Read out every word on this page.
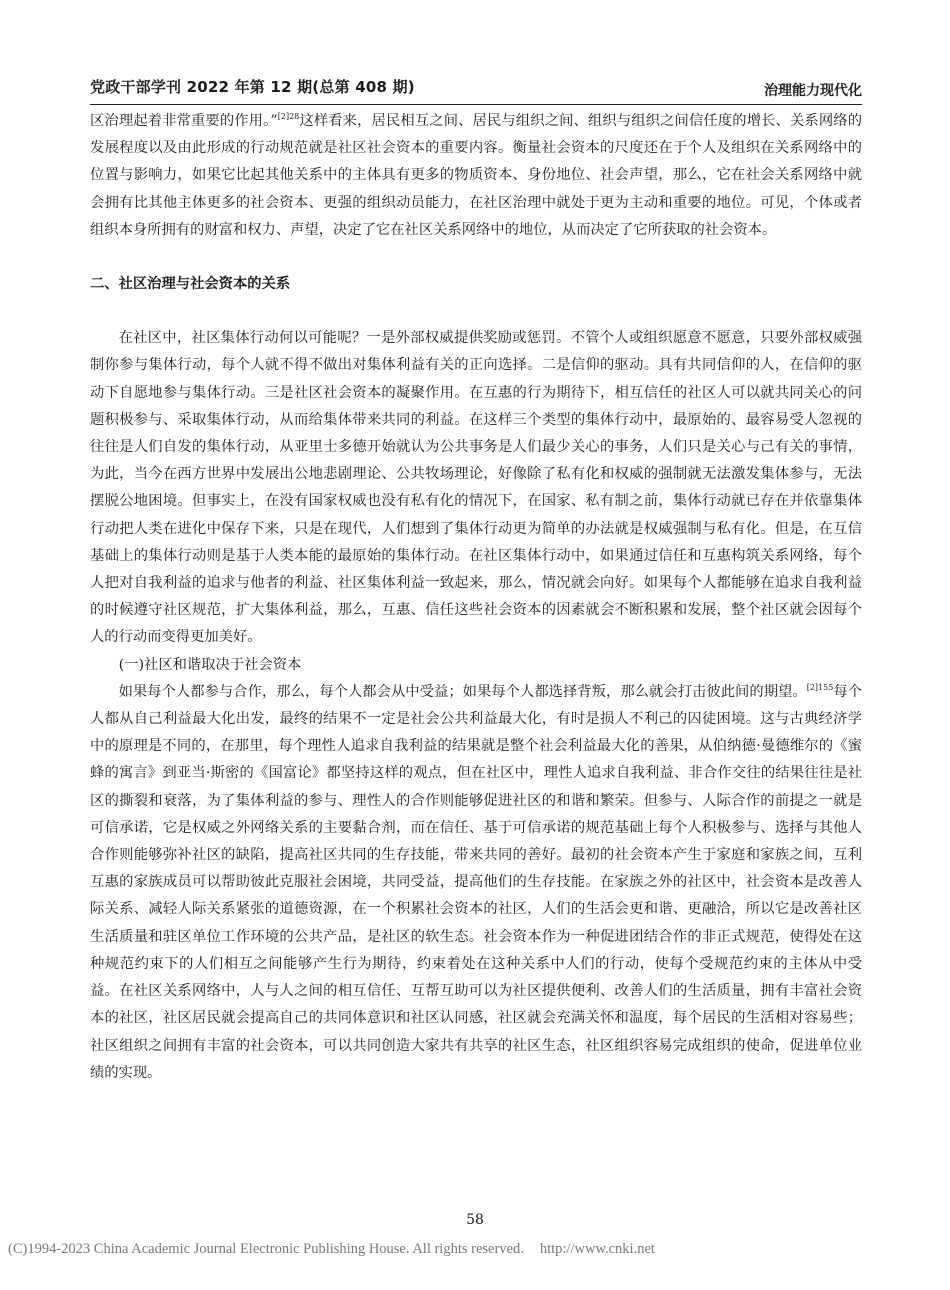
党政干部学刊 2022 年第 12 期(总第 408 期)	治理能力现代化

区治理起着非常重要的作用。”$^{[2]28}$这样看来，居民相互之间、居民与组织之间、组织与组织之间信任度的增长、关系网络的发展程度以及由此形成的行动规范就是社区社会资本的重要内容。衡量社会资本的尺度还在于个人及组织在关系网络中的位置与影响力，如果它比起其他关系中的主体具有更多的物质资本、身份地位、社会声望，那么，它在社会关系网络中就会拥有比其他主体更多的社会资本、更强的组织动员能力，在社区治理中就处于更为主动和重要的地位。可见，个体或者组织本身所拥有的财富和权力、声望，决定了它在社区关系网络中的地位，从而决定了它所获取的社会资本。

二、社区治理与社会资本的关系

在社区中，社区集体行动何以可能呢？一是外部权威提供奖励或惩罚。不管个人或组织愿意不愿意，只要外部权威强制你参与集体行动，每个人就不得不做出对集体利益有关的正向选择。二是信仰的驱动。具有共同信仰的人，在信仰的驱动下自愿地参与集体行动。三是社区社会资本的凝聚作用。在互惠的行为期待下，相互信任的社区人可以就共同关心的问题积极参与、采取集体行动，从而给集体带来共同的利益。在这样三个类型的集体行动中，最原始的、最容易受人忽视的往往是人们自发的集体行动，从亚里士多德开始就认为公共事务是人们最少关心的事务，人们只是关心与己有关的事情，为此，当今在西方世界中发展出公地悲剧理论、公共牧场理论，好像除了私有化和权威的强制就无法激发集体参与，无法摆脱公地困境。但事实上，在没有国家权威也没有私有化的情况下，在国家、私有制之前，集体行动就已存在并依靠集体行动把人类在进化中保存下来，只是在现代，人们想到了集体行动更为简单的办法就是权威强制与私有化。但是，在互信基础上的集体行动则是基于人类本能的最原始的集体行动。在社区集体行动中，如果通过信任和互惠构筑关系网络，每个人把对自我利益的追求与他者的利益、社区集体利益一致起来，那么，情况就会向好。如果每个人都能够在追求自我利益的时候遵守社区规范，扩大集体利益，那么，互惠、信任这些社会资本的因素就会不断积累和发展，整个社区就会因每个人的行动而变得更加美好。

(一)社区和谐取决于社会资本

如果每个人都参与合作，那么，每个人都会从中受益；如果每个人都选择背叛，那么就会打击彼此间的期望。$^{[2]155}$每个人都从自己利益最大化出发，最终的结果不一定是社会公共利益最大化，有时是损人不利己的囚徒困境。这与古典经济学中的原理是不同的，在那里，每个理性人追求自我利益的结果就是整个社会利益最大化的善果，从伯纳德·曼德维尔的《蜜蜂的寓言》到亚当·斯密的《国富论》都坚持这样的观点，但在社区中，理性人追求自我利益、非合作交往的结果往往是社区的撕裂和衰落，为了集体利益的参与、理性人的合作则能够促进社区的和谐和繁荣。但参与、人际合作的前提之一就是可信承诺，它是权威之外网络关系的主要黏合剂，而在信任、基于可信承诺的规范基础上每个人积极参与、选择与其他人合作则能够弥补社区的缺陷，提高社区共同的生存技能，带来共同的善好。最初的社会资本产生于家庭和家族之间，互利互惠的家族成员可以帮助彼此克服社会困境，共同受益，提高他们的生存技能。在家族之外的社区中，社会资本是改善人际关系、减轻人际关系紧张的道德资源，在一个积累社会资本的社区，人们的生活会更和谐、更融洽，所以它是改善社区生活质量和驻区单位工作环境的公共产品，是社区的软生态。社会资本作为一种促进团结合作的非正式规范，使得处在这种规范约束下的人们相互之间能够产生行为期待，约束着处在这种关系中人们的行动，使每个受规范约束的主体从中受益。在社区关系网络中，人与人之间的相互信任、互帮互助可以为社区提供便利、改善人们的生活质量，拥有丰富社会资本的社区，社区居民就会提高自己的共同体意识和社区认同感，社区就会充满关怀和温度，每个居民的生活相对容易些；社区组织之间拥有丰富的社会资本，可以共同创造大家共有共享的社区生态，社区组织容易完成组织的使命，促进单位业绩的实现。

58
(C)1994-2023 China Academic Journal Electronic Publishing House. All rights reserved. http://www.cnki.net
